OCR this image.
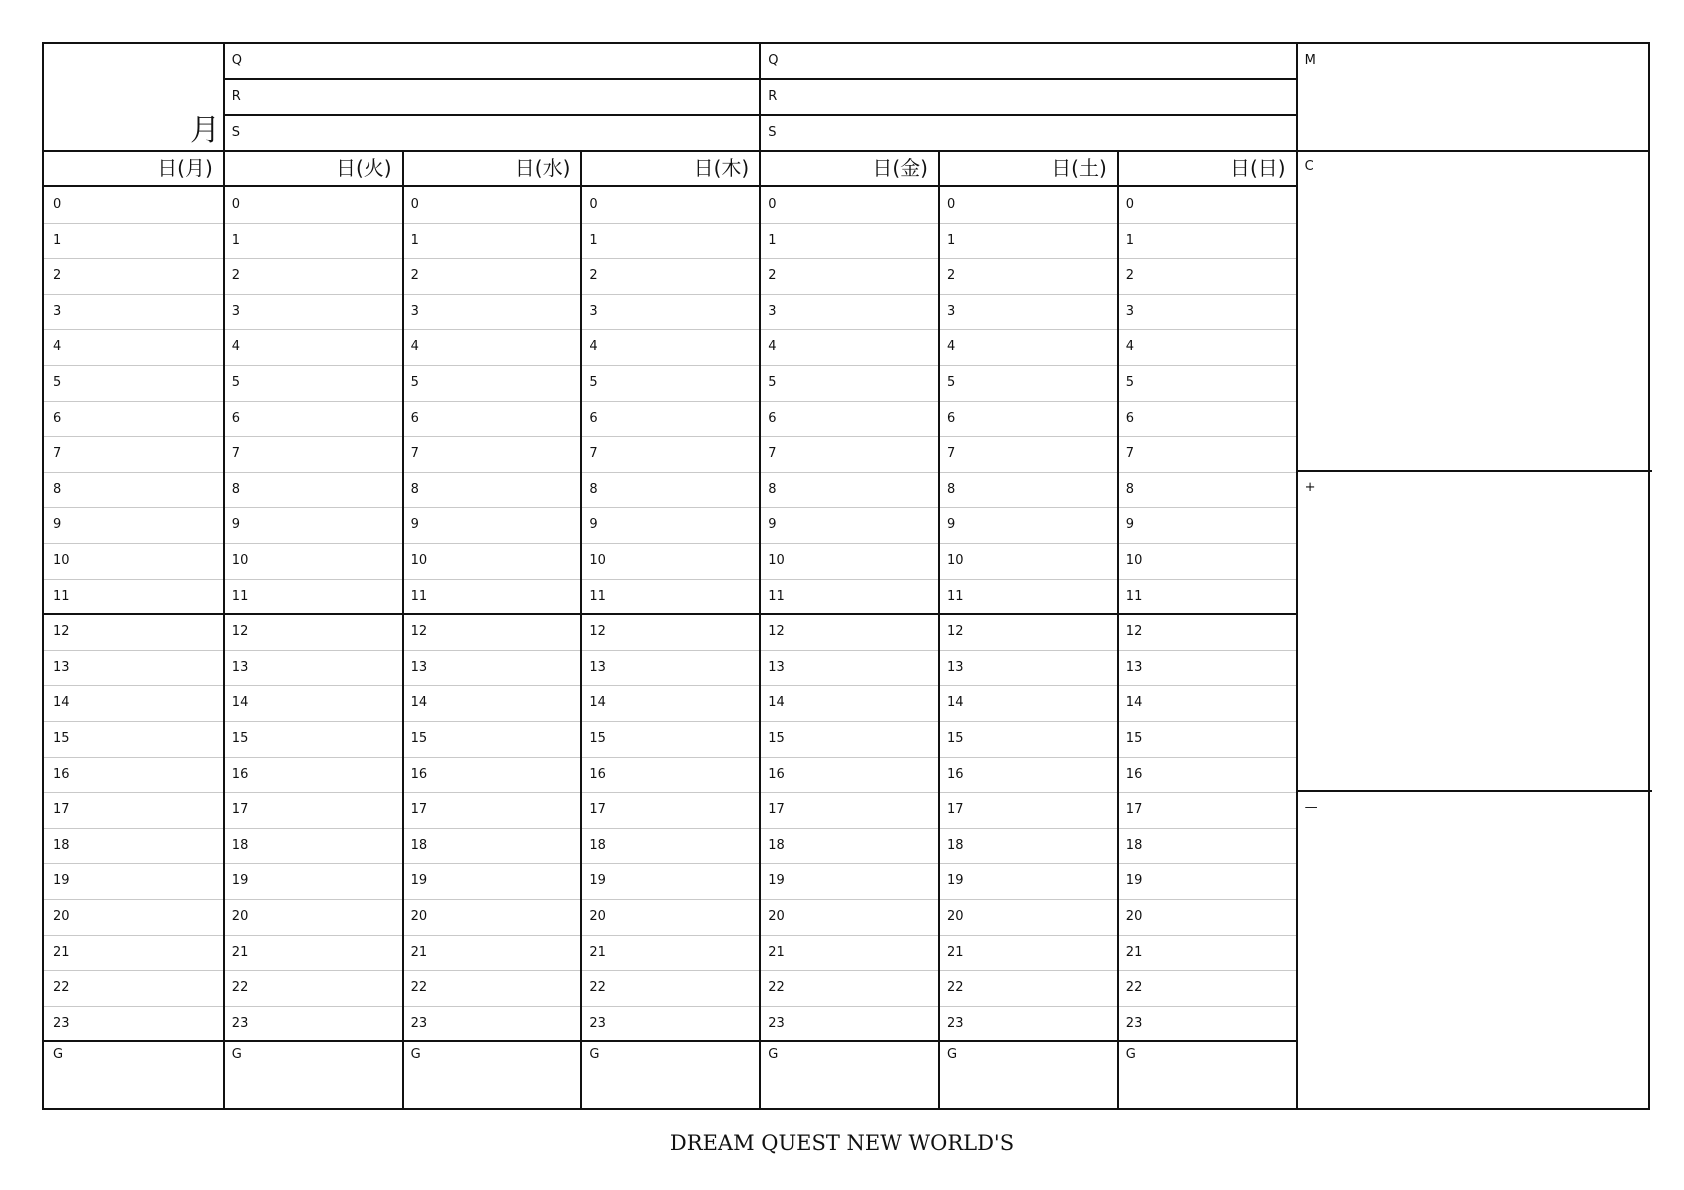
月
Q	Q
R	R
S	S
M
日(月)	日(火)	日(水)	日(木)	日(金)	日(土)	日(日)
0	0	0	0	0	0	0
1	1	1	1	1	1	1
2	2	2	2	2	2	2
3	3	3	3	3	3	3
4	4	4	4	4	4	4
5	5	5	5	5	5	5
6	6	6	6	6	6	6
7	7	7	7	7	7	7
8	8	8	8	8	8	8
9	9	9	9	9	9	9
10	10	10	10	10	10	10
11	11	11	11	11	11	11
12	12	12	12	12	12	12
13	13	13	13	13	13	13
14	14	14	14	14	14	14
15	15	15	15	15	15	15
16	16	16	16	16	16	16
17	17	17	17	17	17	17
18	18	18	18	18	18	18
19	19	19	19	19	19	19
20	20	20	20	20	20	20
21	21	21	21	21	21	21
22	22	22	22	22	22	22
23	23	23	23	23	23	23
G	G	G	G	G	G	G
C
+
—
DREAM QUEST NEW WORLD'S
